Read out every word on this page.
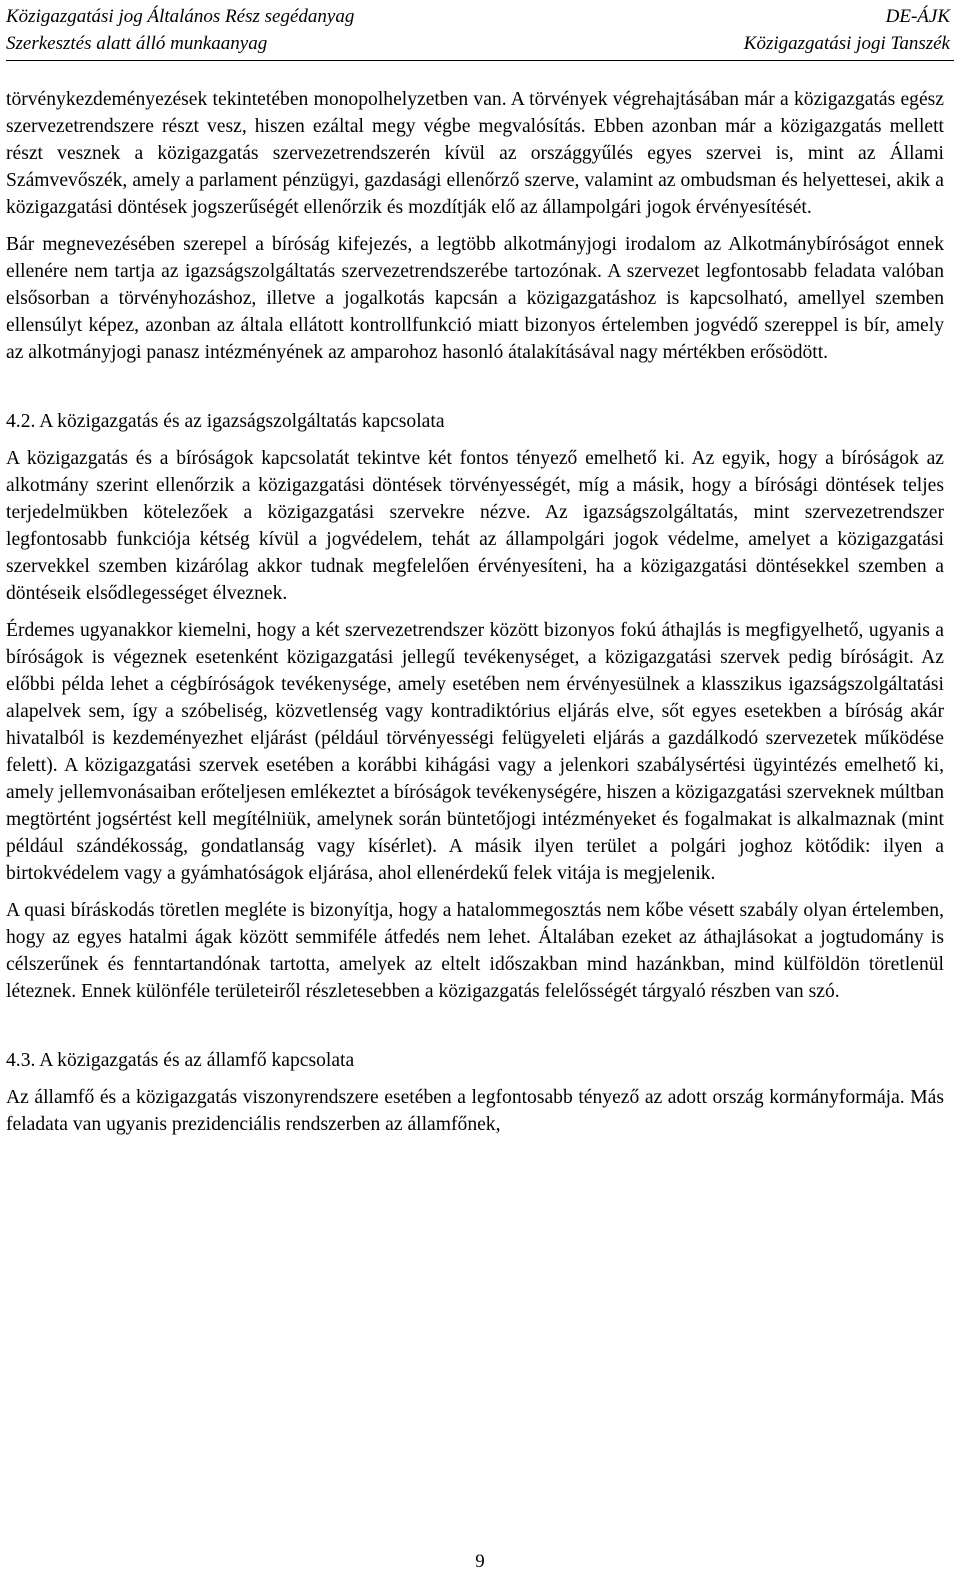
Közigazgatási jog Általános Rész segédanyag
Szerkesztés alatt álló munkaanyag
DE-ÁJK
Közigazgatási jogi Tanszék

törvénykezdeményezések tekintetében monopolhelyzetben van. A törvények végrehajtásában már a közigazgatás egész szervezetrendszere részt vesz, hiszen ezáltal megy végbe megvalósítás. Ebben azonban már a közigazgatás mellett részt vesznek a közigazgatás szervezetrendszerén kívül az országgyűlés egyes szervei is, mint az Állami Számvevőszék, amely a parlament pénzügyi, gazdasági ellenőrző szerve, valamint az ombudsman és helyettesei, akik a közigazgatási döntések jogszerűségét ellenőrzik és mozdítják elő az állampolgári jogok érvényesítését.

Bár megnevezésében szerepel a bíróság kifejezés, a legtöbb alkotmányjogi irodalom az Alkotmánybíróságot ennek ellenére nem tartja az igazságszolgáltatás szervezetrendszerébe tartozónak. A szervezet legfontosabb feladata valóban elsősorban a törvényhozáshoz, illetve a jogalkotás kapcsán a közigazgatáshoz is kapcsolható, amellyel szemben ellensúlyt képez, azonban az általa ellátott kontrollfunkció miatt bizonyos értelemben jogvédő szereppel is bír, amely az alkotmányjogi panasz intézményének az amparohoz hasonló átalakításával nagy mértékben erősödött.

4.2. A közigazgatás és az igazságszolgáltatás kapcsolata

A közigazgatás és a bíróságok kapcsolatát tekintve két fontos tényező emelhető ki. Az egyik, hogy a bíróságok az alkotmány szerint ellenőrzik a közigazgatási döntések törvényességét, míg a másik, hogy a bírósági döntések teljes terjedelmükben kötelezőek a közigazgatási szervekre nézve. Az igazságszolgáltatás, mint szervezetrendszer legfontosabb funkciója kétség kívül a jogvédelem, tehát az állampolgári jogok védelme, amelyet a közigazgatási szervekkel szemben kizárólag akkor tudnak megfelelően érvényesíteni, ha a közigazgatási döntésekkel szemben a döntéseik elsődlegességet élveznek.

Érdemes ugyanakkor kiemelni, hogy a két szervezetrendszer között bizonyos fokú áthajlás is megfigyelhető, ugyanis a bíróságok is végeznek esetenként közigazgatási jellegű tevékenységet, a közigazgatási szervek pedig bíróságit. Az előbbi példa lehet a cégbíróságok tevékenysége, amely esetében nem érvényesülnek a klasszikus igazságszolgáltatási alapelvek sem, így a szóbeliség, közvetlenség vagy kontradiktórius eljárás elve, sőt egyes esetekben a bíróság akár hivatalból is kezdeményezhet eljárást (például törvényességi felügyeleti eljárás a gazdálkodó szervezetek működése felett). A közigazgatási szervek esetében a korábbi kihágási vagy a jelenkori szabálysértési ügyintézés emelhető ki, amely jellemvonásaiban erőteljesen emlékeztet a bíróságok tevékenységére, hiszen a közigazgatási szerveknek múltban megtörtént jogsértést kell megítélniük, amelynek során büntetőjogi intézményeket és fogalmakat is alkalmaznak (mint például szándékosság, gondatlanság vagy kísérlet). A másik ilyen terület a polgári joghoz kötődik: ilyen a birtokvédelem vagy a gyámhatóságok eljárása, ahol ellenérdekű felek vitája is megjelenik.

A quasi bíráskodás töretlen megléte is bizonyítja, hogy a hatalommegosztás nem kőbe vésett szabály olyan értelemben, hogy az egyes hatalmi ágak között semmiféle átfedés nem lehet. Általában ezeket az áthajlásokat a jogtudomány is célszerűnek és fenntartandónak tartotta, amelyek az eltelt időszakban mind hazánkban, mind külföldön töretlenül léteznek. Ennek különféle területeiről részletesebben a közigazgatás felelősségét tárgyaló részben van szó.

4.3. A közigazgatás és az államfő kapcsolata

Az államfő és a közigazgatás viszonyrendszere esetében a legfontosabb tényező az adott ország kormányformája. Más feladata van ugyanis prezidenciális rendszerben az államfőnek,

9
